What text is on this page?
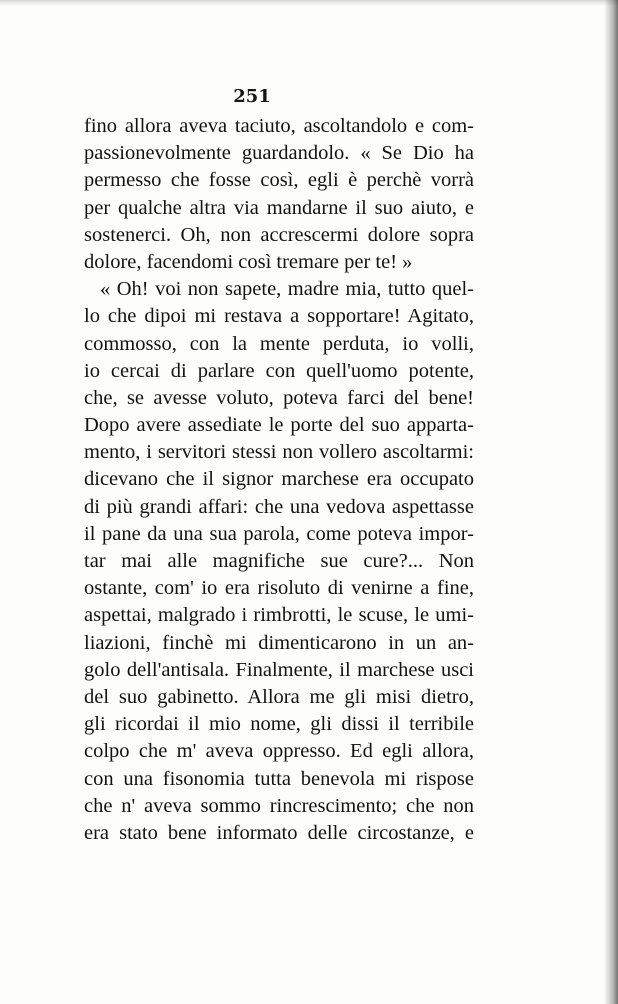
251
fino allora aveva taciuto, ascoltandolo e com-
passionevolmente guardandolo. « Se Dio ha
permesso che fosse così, egli è perchè vorrà
per qualche altra via mandarne il suo aiuto, e
sostenerci. Oh, non accrescermi dolore sopra
dolore, facendomi così tremare per te! »
« Oh! voi non sapete, madre mia, tutto quel-
lo che dipoi mi restava a sopportare! Agitato,
commosso, con la mente perduta, io volli,
io cercai di parlare con quell'uomo potente,
che, se avesse voluto, poteva farci del bene!
Dopo avere assediate le porte del suo apparta-
mento, i servitori stessi non vollero ascoltarmi:
dicevano che il signor marchese era occupato
di più grandi affari: che una vedova aspettasse
il pane da una sua parola, come poteva impor-
tar mai alle magnifiche sue cure?... Non
ostante, com' io era risoluto di venirne a fine,
aspettai, malgrado i rimbrotti, le scuse, le umi-
liazioni, finchè mi dimenticarono in un an-
golo dell'antisala. Finalmente, il marchese usci
del suo gabinetto. Allora me gli misi dietro,
gli ricordai il mio nome, gli dissi il terribile
colpo che m' aveva oppresso. Ed egli allora,
con una fisonomia tutta benevola mi rispose
che n' aveva sommo rincrescimento; che non
era stato bene informato delle circostanze, e
